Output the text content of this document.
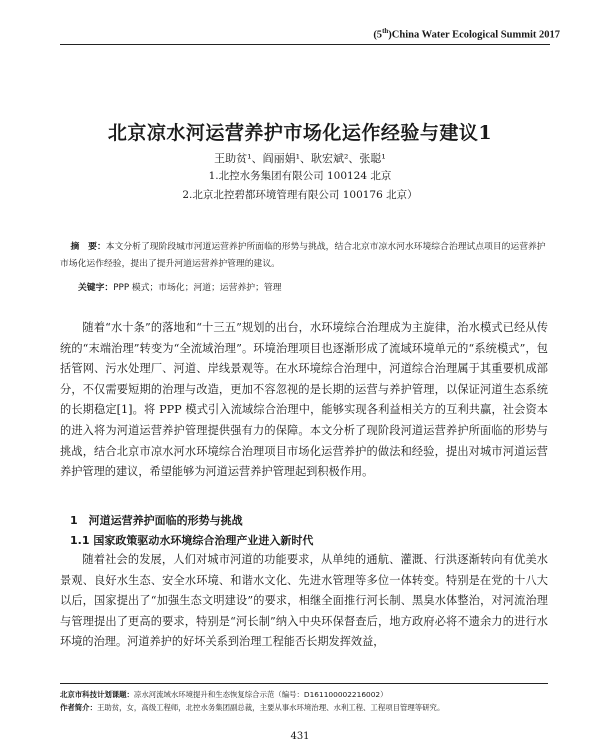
(5th)China Water Ecological Summit 2017
北京凉水河运营养护市场化运作经验与建议1
王助贫¹、阎丽娟¹、耿宏斌²、张聪¹
1.北控水务集团有限公司 100124 北京
2.北京北控碧都环境管理有限公司 100176 北京）
摘　要：本文分析了现阶段城市河道运营养护所面临的形势与挑战，结合北京市凉水河水环境综合治理试点项目的运营养护市场化运作经验，提出了提升河道运营养护管理的建议。
关键字：PPP 模式；市场化；河道；运营养护；管理
随着“水十条”的落地和“十三五”规划的出台，水环境综合治理成为主旋律，治水模式已经从传统的“末端治理”转变为“全流域治理”。环境治理项目也逐渐形成了流域环境单元的“系统模式”，包括管网、污水处理厂、河道、岸线景观等。在水环境综合治理中，河道综合治理属于其重要机成部分，不仅需要短期的治理与改造，更加不容忽视的是长期的运营与养护管理，以保证河道生态系统的长期稳定[1]。将 PPP 模式引入流域综合治理中，能够实现各利益相关方的互利共赢，社会资本的进入将为河道运营养护管理提供强有力的保障。本文分析了现阶段河道运营养护所面临的形势与挑战，结合北京市凉水河水环境综合治理项目市场化运营养护的做法和经验，提出对城市河道运营养护管理的建议，希望能够为河道运营养护管理起到积极作用。
1　河道运营养护面临的形势与挑战
1.1 国家政策驱动水环境综合治理产业进入新时代
随着社会的发展，人们对城市河道的功能要求，从单纯的通航、灌溉、行洪逐渐转向有优美水景观、良好水生态、安全水环境、和谐水文化、先进水管理等多位一体转变。特别是在党的十八大以后，国家提出了“加强生态文明建设”的要求，相继全面推行河长制、黑臭水体整治，对河流治理与管理提出了更高的要求，特别是“河长制”纳入中央环保督查后，地方政府必将不遗余力的进行水环境的治理。河道养护的好坏关系到治理工程能否长期发挥效益，
北京市科技计划课题：凉水河流域水环境提升和生态恢复综合示范（编号：D161100002216002）
作者简介：王助贫，女，高级工程师，北控水务集团副总裁，主要从事水环境治理、水利工程、工程项目管理等研究。
431
